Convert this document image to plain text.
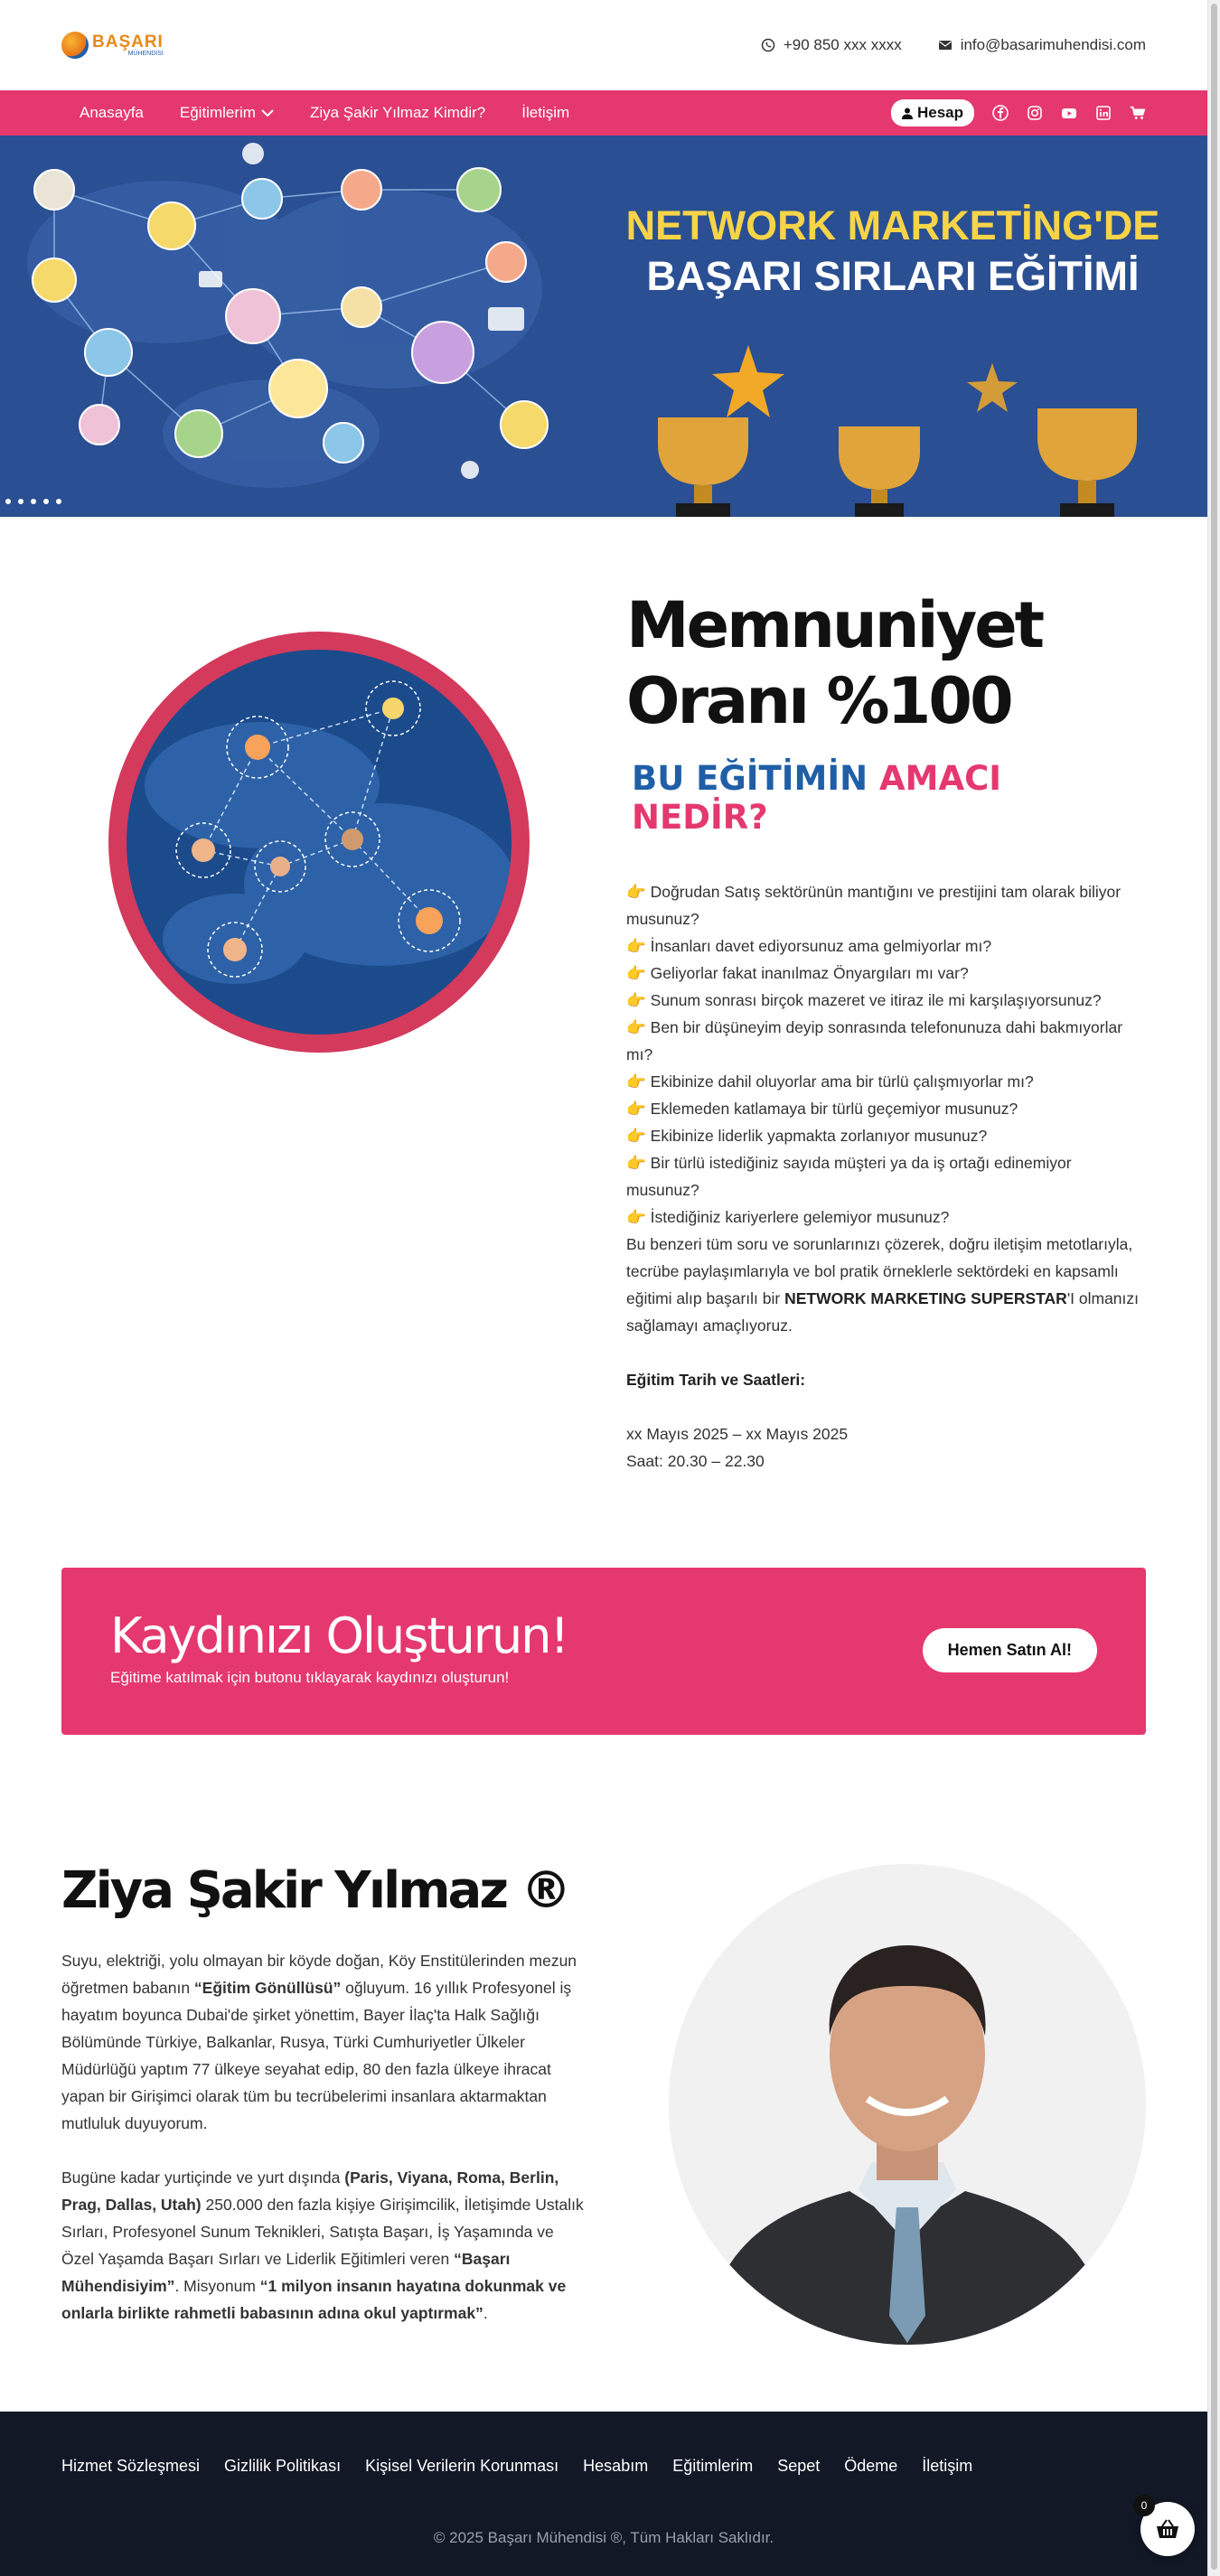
BAŞARI
MÜHENDİSİ
+90 850 xxx xxxx	info@basarimuhendisi.com
Anasayfa Eğitimlerim	Ziya Şakir Yılmaz Kimdir? İletişim	Hesap
NETWORK MARKETİNG'DE
BAŞARI SIRLARI EĞİTİMİ
Memnuniyet Oranı %100
BU EĞİTİMİN AMACI NEDİR?
👉 Doğrudan Satış sektörünün mantığını ve prestijini tam olarak biliyor musunuz?
👉 İnsanları davet ediyorsunuz ama gelmiyorlar mı?
👉 Geliyorlar fakat inanılmaz Önyargıları mı var?
👉 Sunum sonrası birçok mazeret ve itiraz ile mi karşılaşıyorsunuz?
👉 Ben bir düşüneyim deyip sonrasında telefonunuza dahi bakmıyorlar mı?
👉 Ekibinize dahil oluyorlar ama bir türlü çalışmıyorlar mı?
👉 Eklemeden katlamaya bir türlü geçemiyor musunuz?
👉 Ekibinize liderlik yapmakta zorlanıyor musunuz?
👉 Bir türlü istediğiniz sayıda müşteri ya da iş ortağı edinemiyor musunuz?
👉 İstediğiniz kariyerlere gelemiyor musunuz?

Bu benzeri tüm soru ve sorunlarınızı çözerek, doğru iletişim metotlarıyla, tecrübe paylaşımlarıyla ve bol pratik örneklerle sektördeki en kapsamlı eğitimi alıp başarılı bir NETWORK MARKETING SUPERSTAR'I olmanızı sağlamayı amaçlıyoruz.

Eğitim Tarih ve Saatleri:

xx Mayıs 2025 – xx Mayıs 2025

Saat: 20.30 – 22.30

Kaydınızı Oluşturun!

Eğitime katılmak için butonu tıklayarak kaydınızı oluşturun!

Hemen Satın Al!
Ziya Şakir Yılmaz ®

Suyu, elektriği, yolu olmayan bir köyde doğan, Köy Enstitülerinden mezun öğretmen babanın “Eğitim Gönüllüsü” oğluyum. 16 yıllık Profesyonel iş hayatım boyunca Dubai'de şirket yönettim, Bayer İlaç'ta Halk Sağlığı Bölümünde Türkiye, Balkanlar, Rusya, Türki Cumhuriyetler Ülkeler Müdürlüğü yaptım 77 ülkeye seyahat edip, 80 den fazla ülkeye ihracat yapan bir Girişimci olarak tüm bu tecrübelerimi insanlara aktarmaktan mutluluk duyuyorum.

Bugüne kadar yurtiçinde ve yurt dışında (Paris, Viyana, Roma, Berlin, Prag, Dallas, Utah) 250.000 den fazla kişiye Girişimcilik, İletişimde Ustalık Sırları, Profesyonel Sunum Teknikleri, Satışta Başarı, İş Yaşamında ve Özel Yaşamda Başarı Sırları ve Liderlik Eğitimleri veren “Başarı Mühendisiyim”. Misyonum “1 milyon insanın hayatına dokunmak ve onlarla birlikte rahmetli babasının adına okul yaptırmak”.

Hizmet Sözleşmesi Gizlilik Politikası Kişisel Verilerin Korunması Hesabım Eğitimlerim Sepet Ödeme İletişim
© 2025 Başarı Mühendisi ®, Tüm Hakları Saklıdır.
0
